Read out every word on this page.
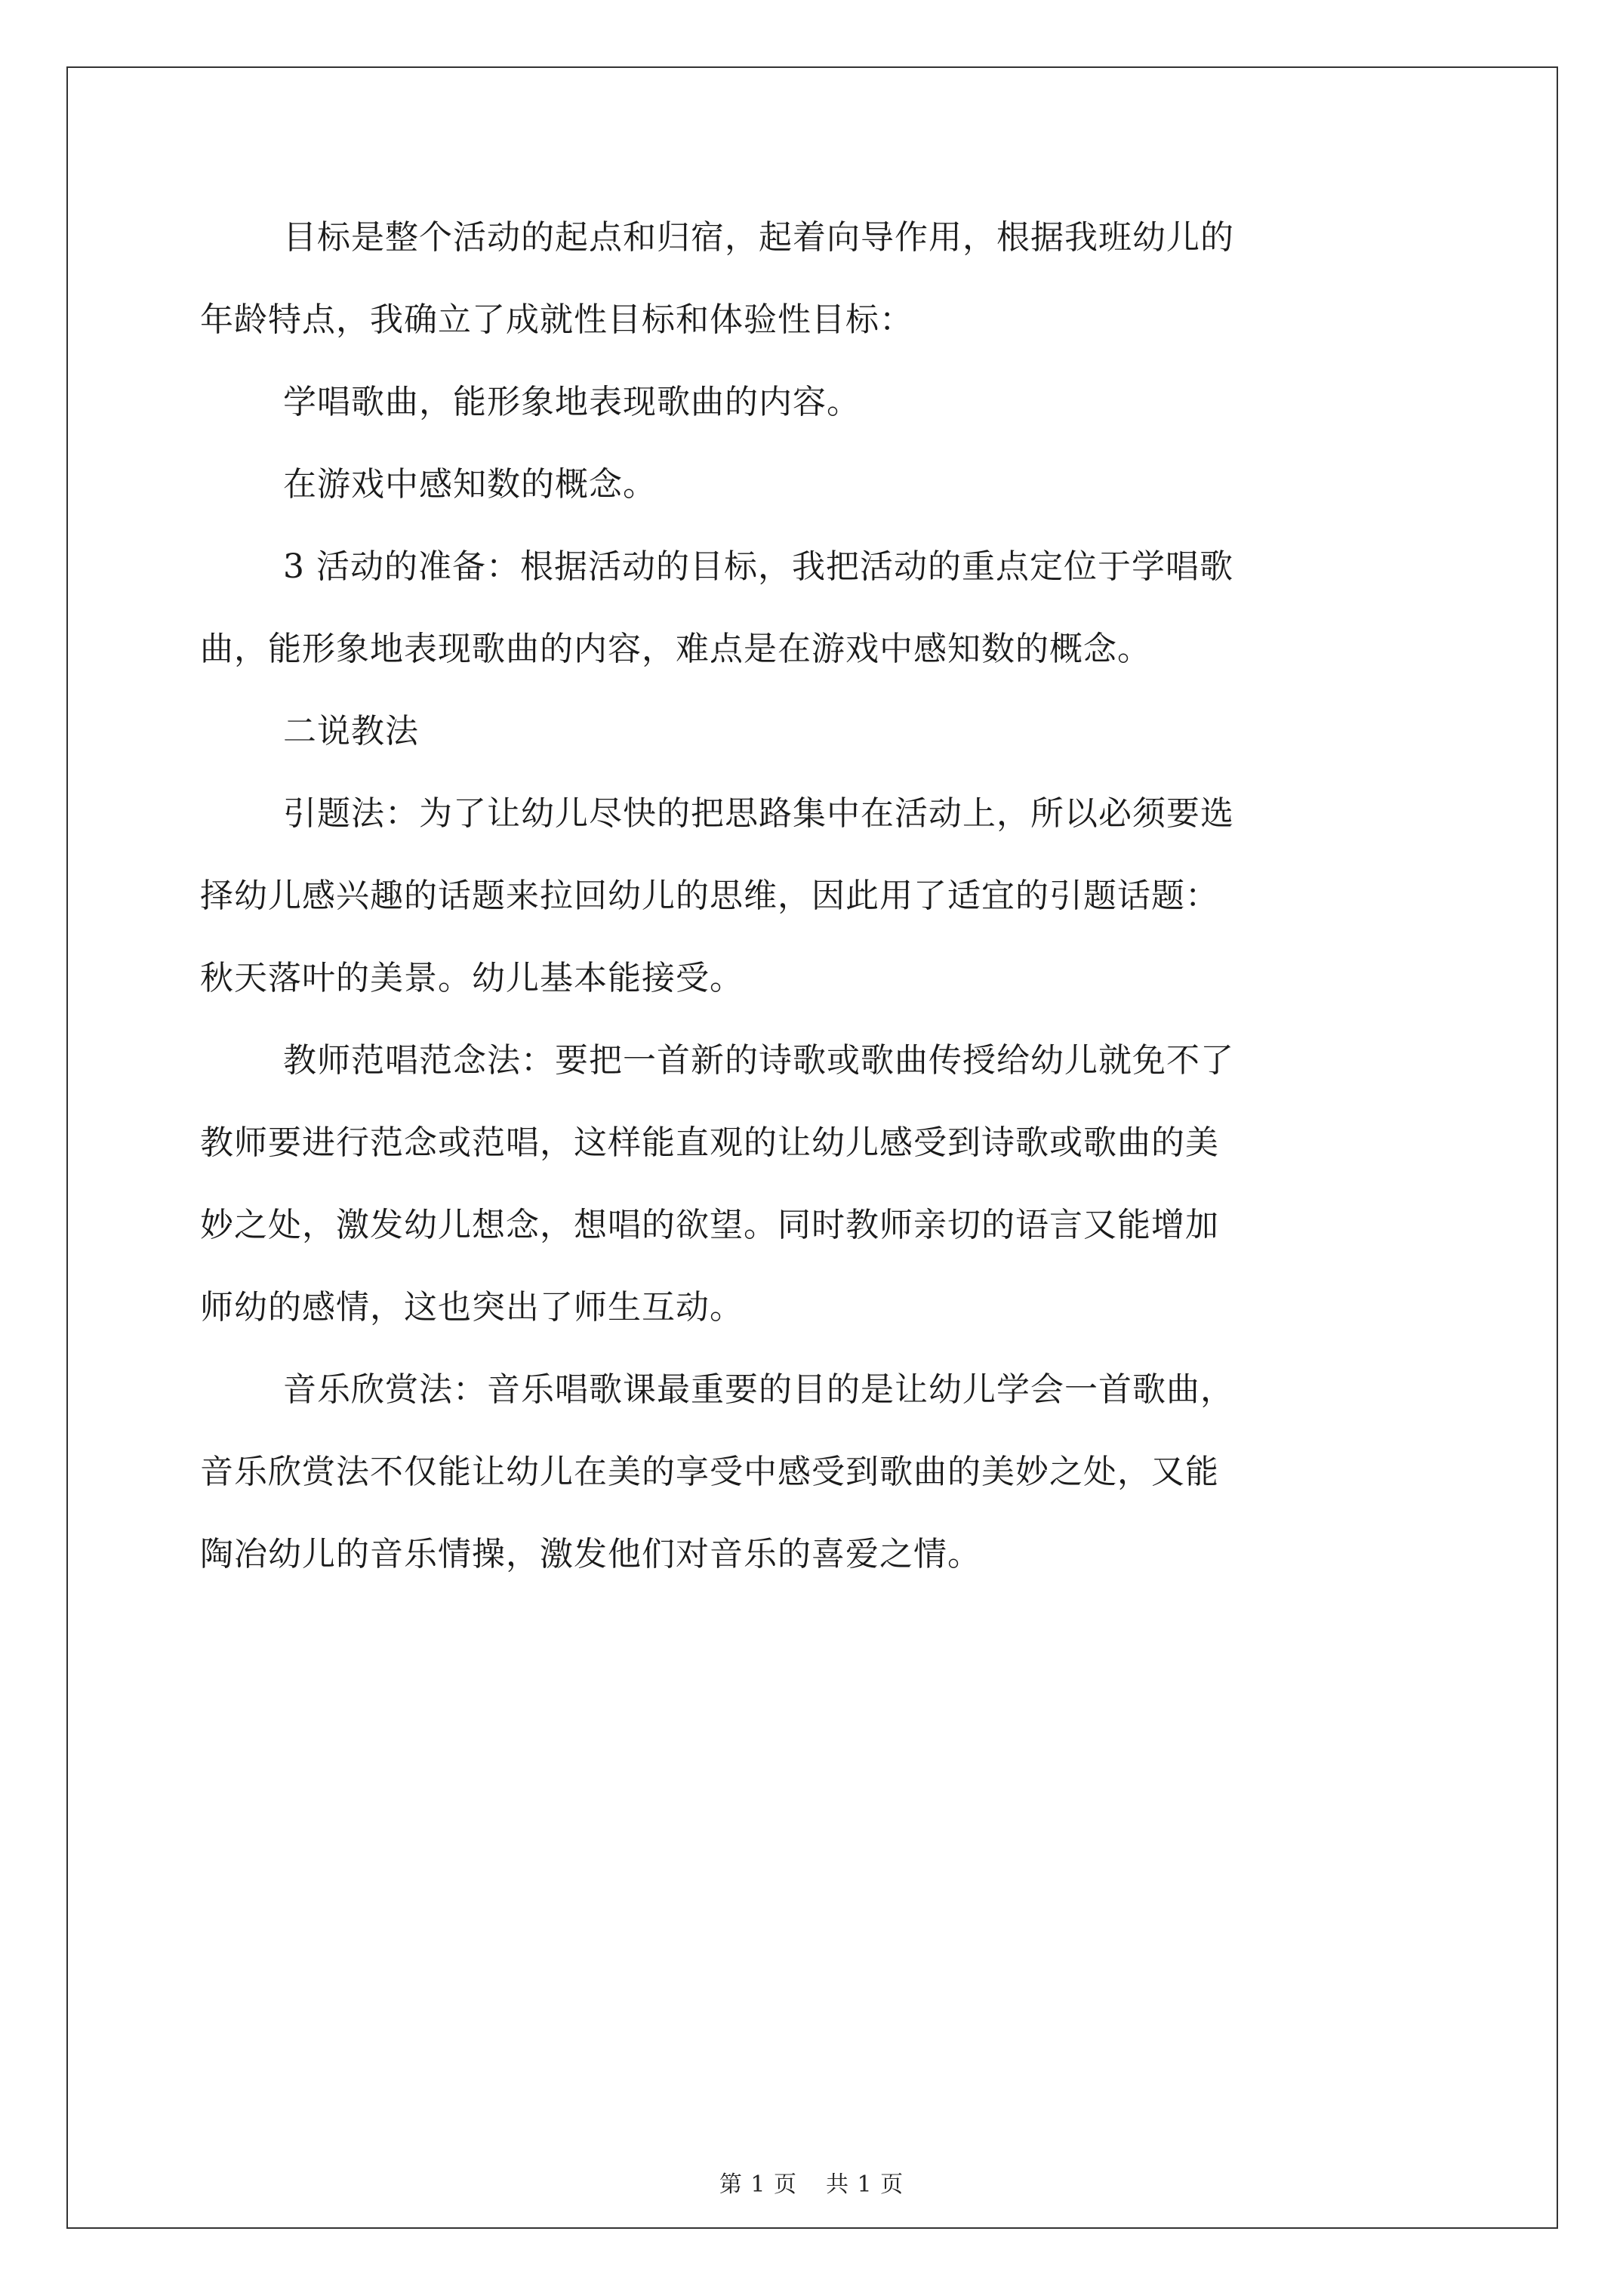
目标是整个活动的起点和归宿，起着向导作用，根据我班幼儿的
年龄特点，我确立了成就性目标和体验性目标：

学唱歌曲，能形象地表现歌曲的内容。

在游戏中感知数的概念。

3 活动的准备：根据活动的目标，我把活动的重点定位于学唱歌
曲，能形象地表现歌曲的内容，难点是在游戏中感知数的概念。

二说教法

引题法：为了让幼儿尽快的把思路集中在活动上，所以必须要选
择幼儿感兴趣的话题来拉回幼儿的思维，因此用了适宜的引题话题：
秋天落叶的美景。幼儿基本能接受。

教师范唱范念法：要把一首新的诗歌或歌曲传授给幼儿就免不了
教师要进行范念或范唱，这样能直观的让幼儿感受到诗歌或歌曲的美
妙之处，激发幼儿想念，想唱的欲望。同时教师亲切的语言又能增加
师幼的感情，这也突出了师生互动。

音乐欣赏法：音乐唱歌课最重要的目的是让幼儿学会一首歌曲，
音乐欣赏法不仅能让幼儿在美的享受中感受到歌曲的美妙之处，又能
陶冶幼儿的音乐情操，激发他们对音乐的喜爱之情。

第 1 页 共 1 页
